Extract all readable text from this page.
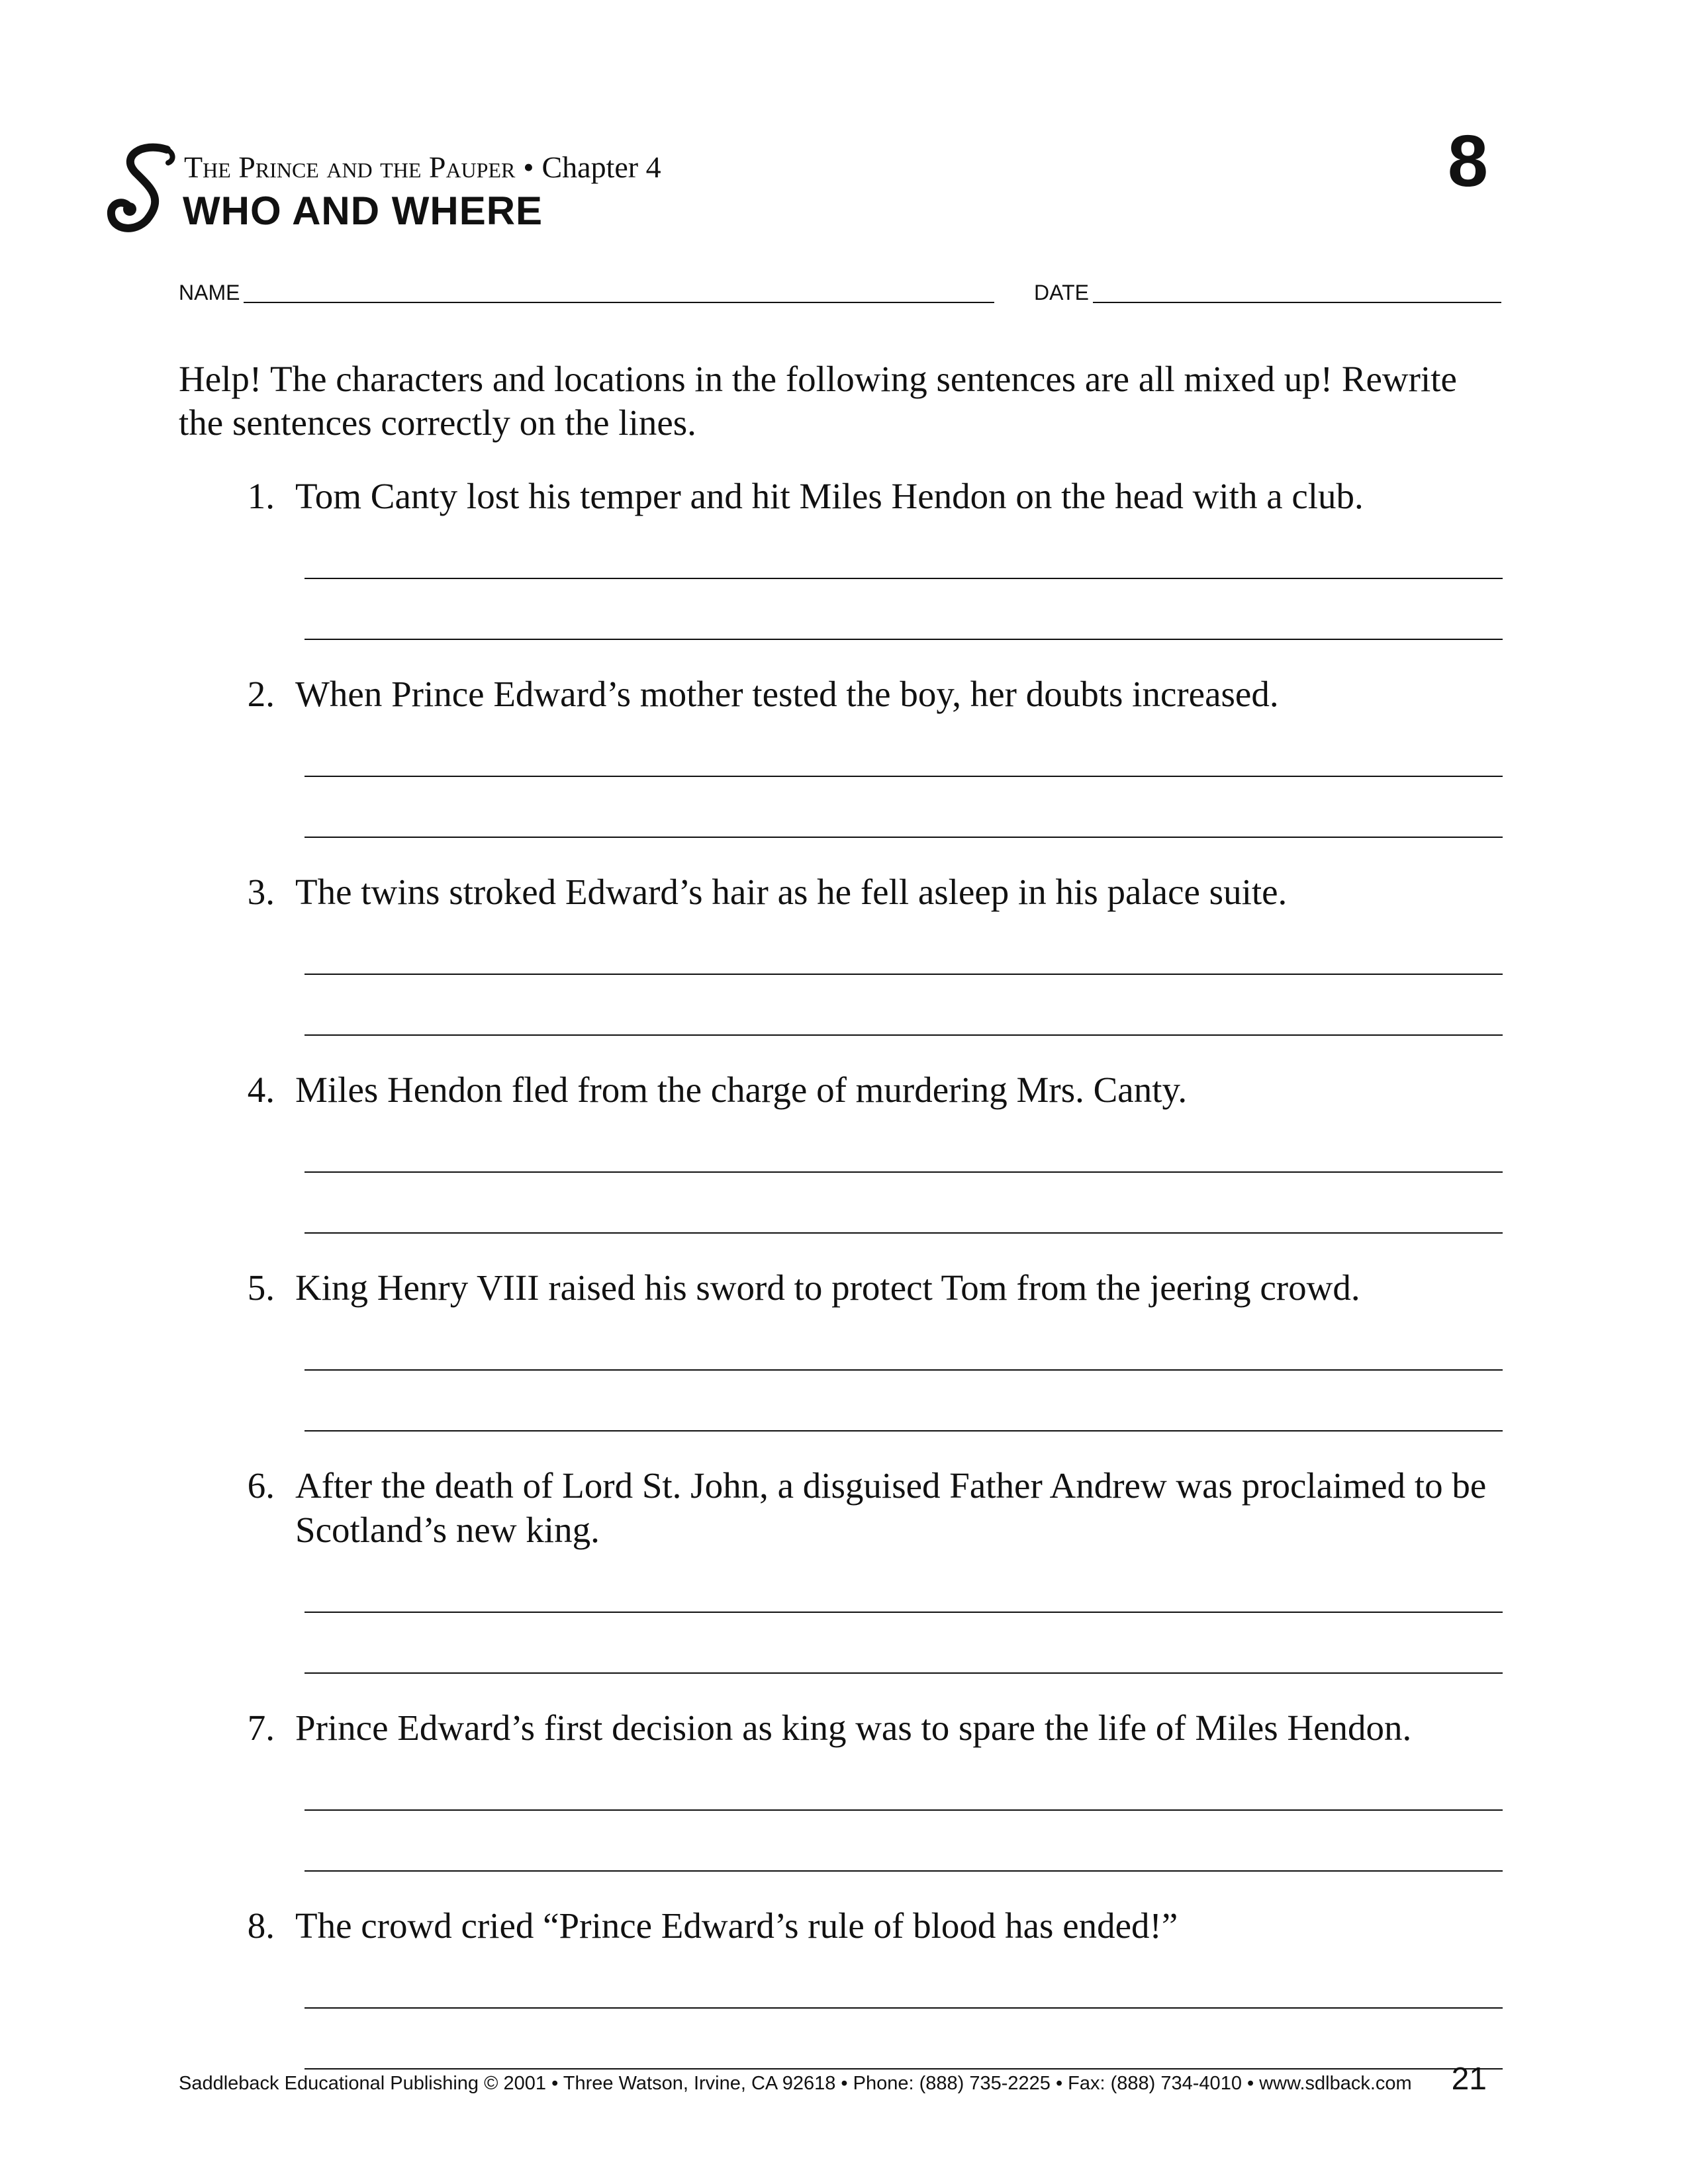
The Prince and the Pauper • Chapter 4
WHO AND WHERE
8
NAME	DATE
Help! The characters and locations in the following sentences are all mixed up! Rewrite the sentences correctly on the lines.
1. Tom Canty lost his temper and hit Miles Hendon on the head with a club.
2. When Prince Edward’s mother tested the boy, her doubts increased.
3. The twins stroked Edward’s hair as he fell asleep in his palace suite.
4. Miles Hendon fled from the charge of murdering Mrs. Canty.
5. King Henry VIII raised his sword to protect Tom from the jeering crowd.
6. After the death of Lord St. John, a disguised Father Andrew was proclaimed to be Scotland’s new king.
7. Prince Edward’s first decision as king was to spare the life of Miles Hendon.
8. The crowd cried “Prince Edward’s rule of blood has ended!”
Saddleback Educational Publishing © 2001 • Three Watson, Irvine, CA 92618 • Phone: (888) 735-2225 • Fax: (888) 734-4010 • www.sdlback.com 21
